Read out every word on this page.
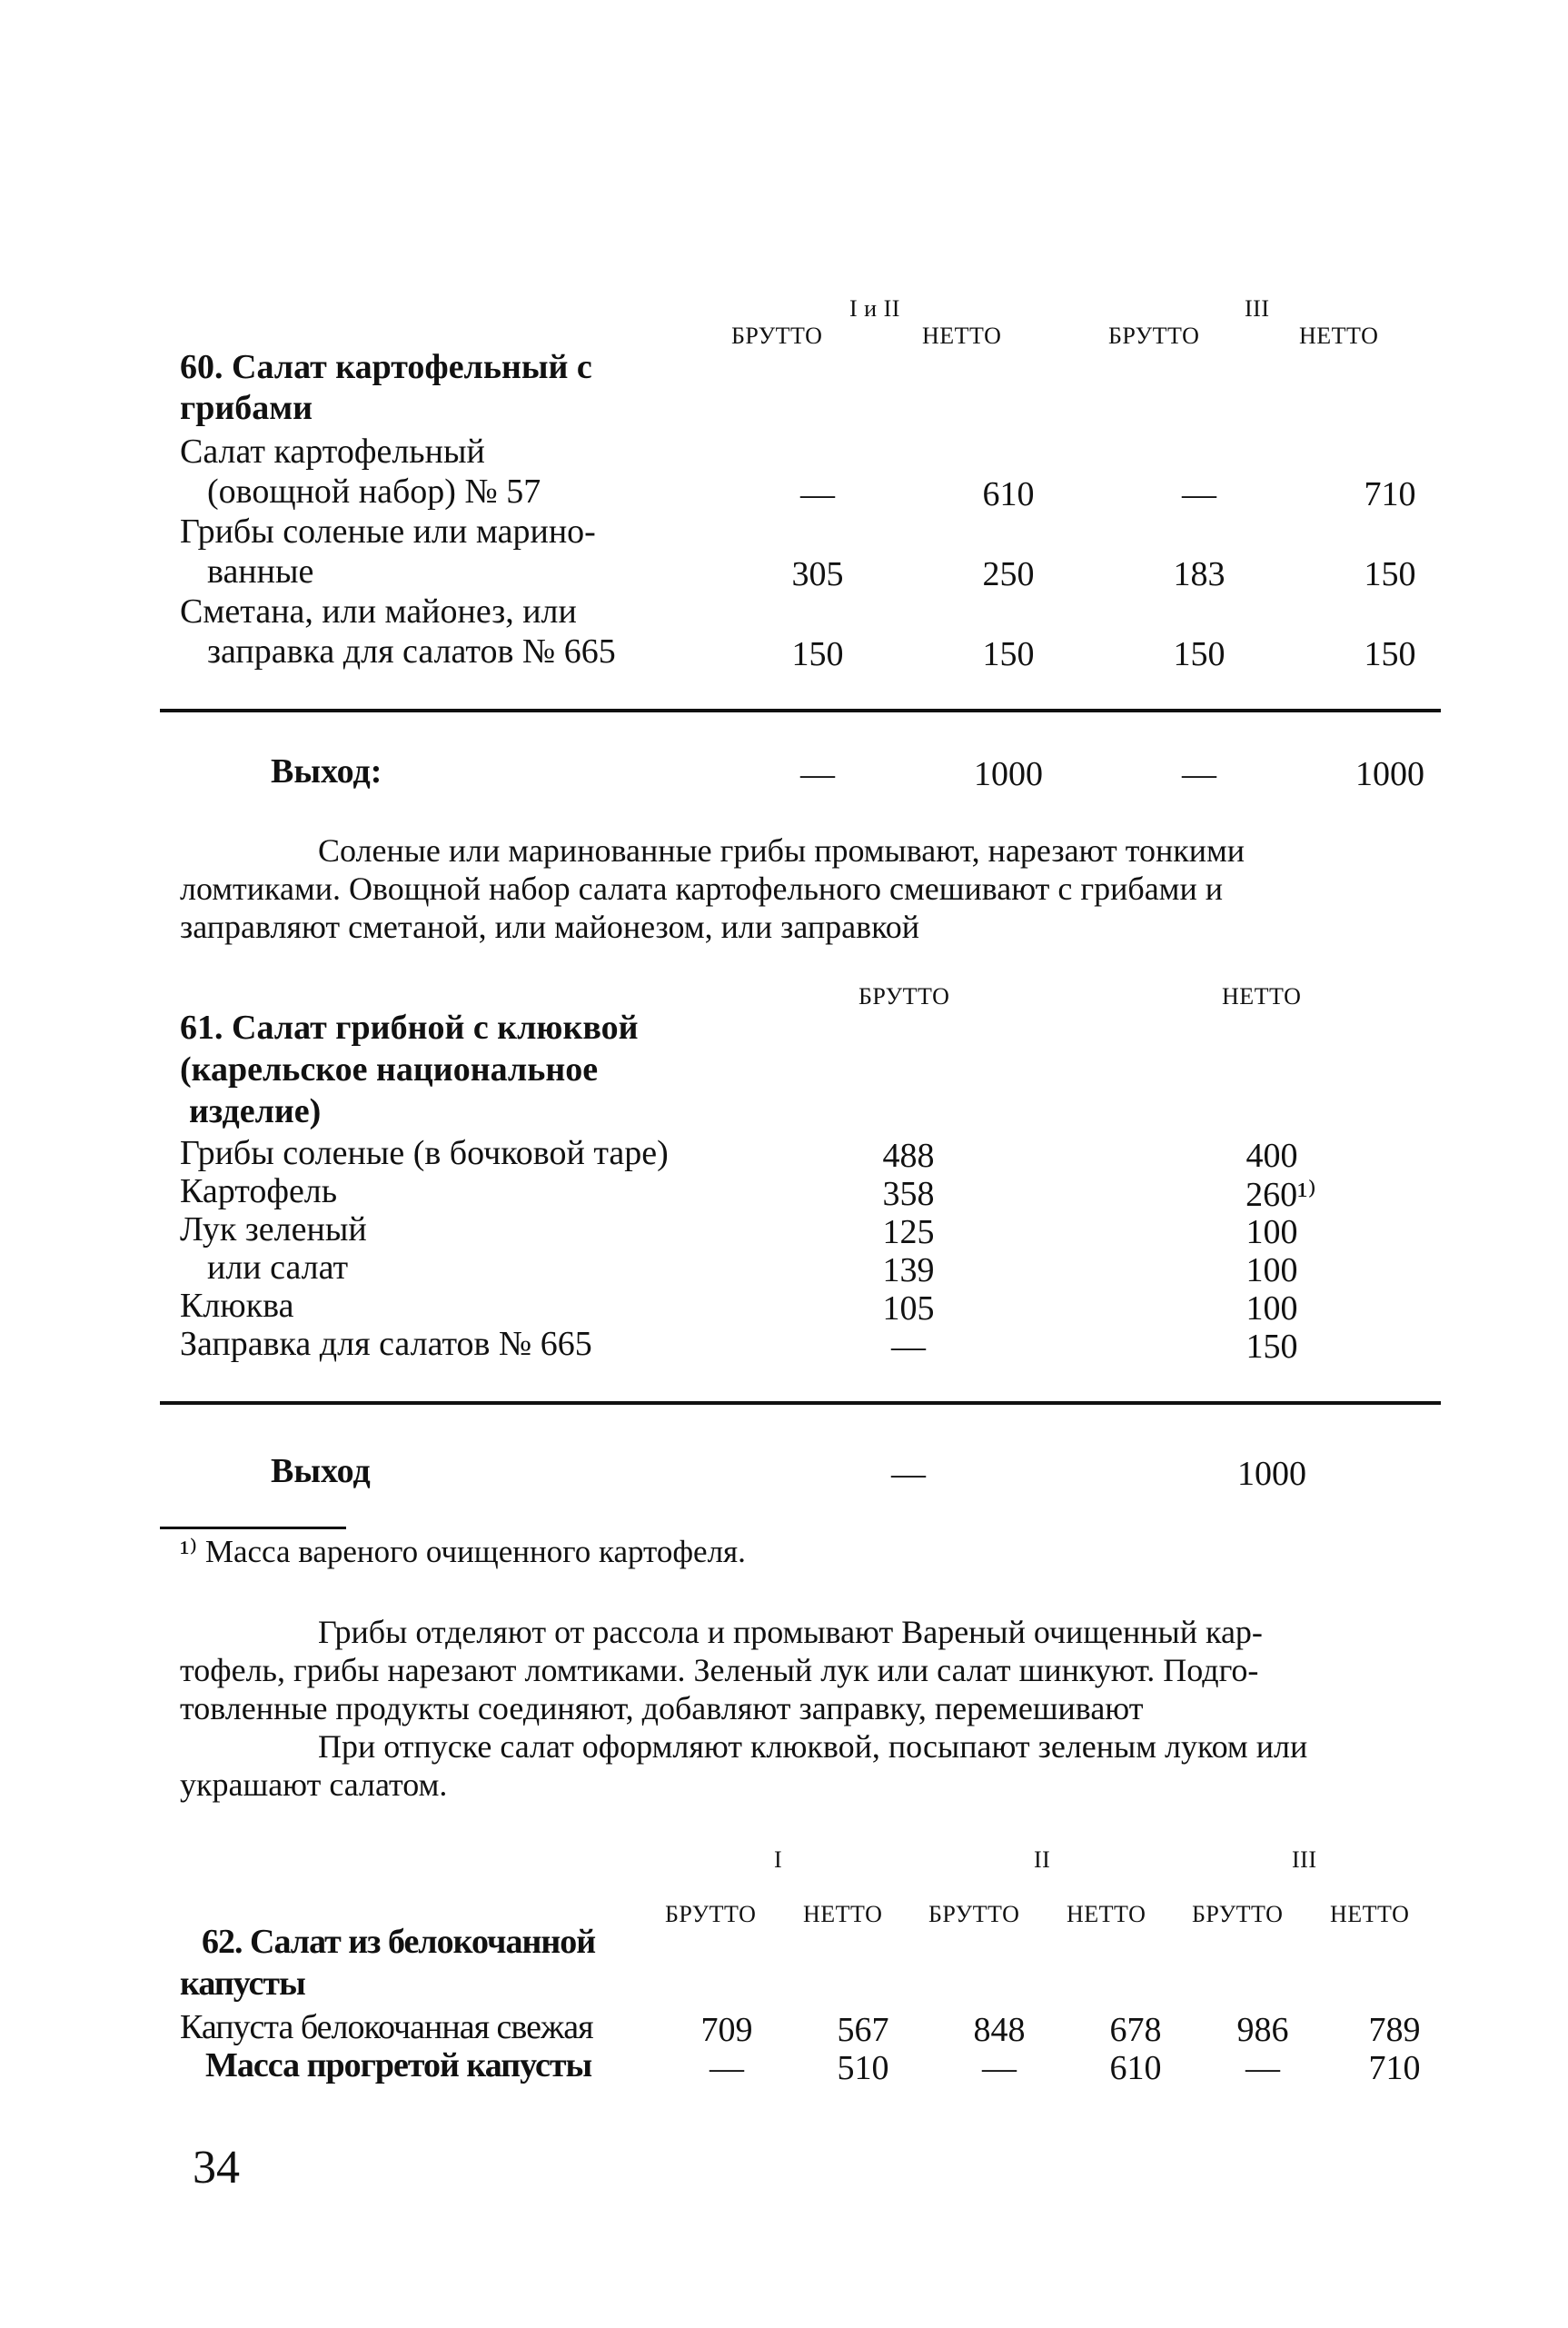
I и II	III
БРУТТО	НЕТТО	БРУТТО	НЕТТО
60. Салат картофельный с
грибами
Салат картофельный
(овощной набор) № 57	—	610	—	710
Грибы соленые или марино-
ванные	305	250	183	150
Сметана, или майонез, или
заправка для салатов № 665	150	150	150	150
Выход:	—	1000	—	1000
Соленые или маринованные грибы промывают, нарезают тонкими
ломтиками. Овощной набор салата картофельного смешивают с грибами и
заправляют сметаной, или майонезом, или заправкой
БРУТТО	НЕТТО
61. Салат грибной с клюквой
(карельское национальное
изделие)
Грибы соленые (в бочковой таре)	488	400
Картофель	358	260¹⁾
Лук зеленый	125	100
или салат	139	100
Клюква	105	100
Заправка для салатов № 665	—	150
Выход	—	1000
¹⁾ Масса вареного очищенного картофеля.
Грибы отделяют от рассола и промывают Вареный очищенный кар-
тофель, грибы нарезают ломтиками. Зеленый лук или салат шинкуют. Подго-
товленные продукты соединяют, добавляют заправку, перемешивают
При отпуске салат оформляют клюквой, посыпают зеленым луком или
украшают салатом.
I	II	III
БРУТТО НЕТТО БРУТТО НЕТТО БРУТТО НЕТТО
62. Салат из белокочанной
капусты
Капуста белокочанная свежая	709	567	848	678	986	789
Масса прогретой капусты	—	510	—	610	—	710
34
